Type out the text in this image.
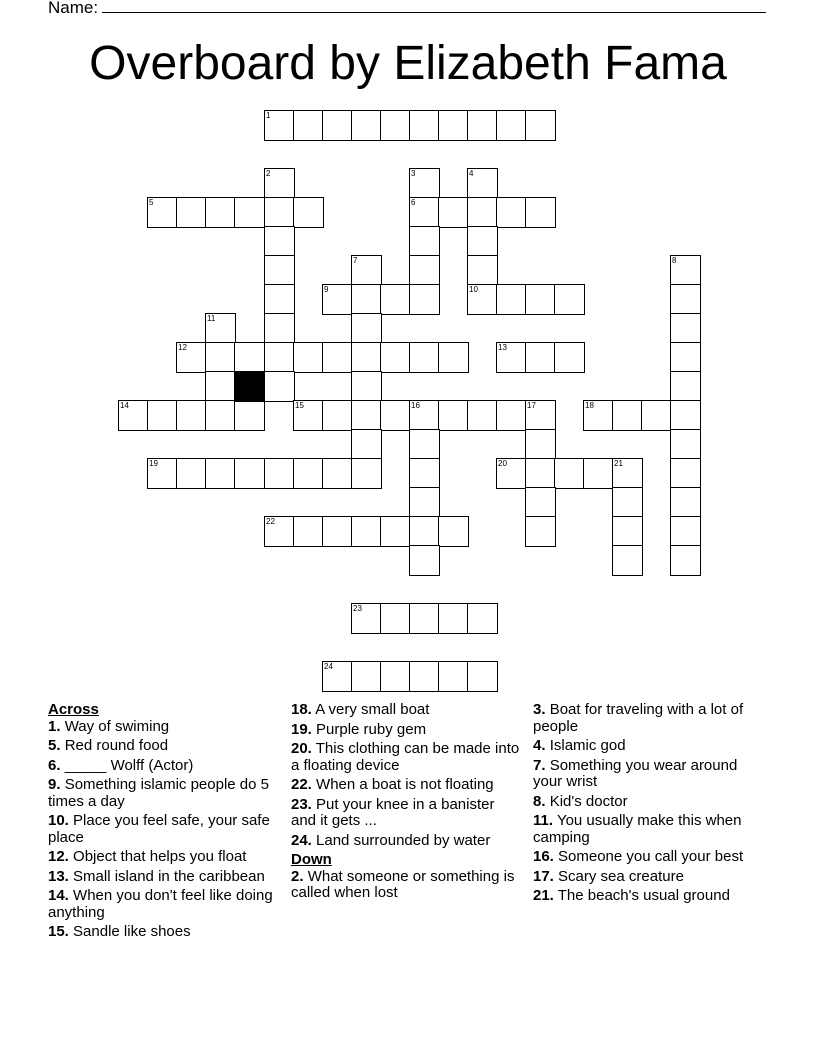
Name:
Overboard by Elizabeth Fama
1
2	3	4
5	6
7	8
9	10
11
12	13
14	15	16	17	18
19	20	21
22
23
24
Across
1. Way of swiming
5. Red round food
6. _____ Wolff (Actor)
9. Something islamic people do 5 times a day
10. Place you feel safe, your safe place
12. Object that helps you float
13. Small island in the caribbean
14. When you don't feel like doing anything
15. Sandle like shoes
18. A very small boat
19. Purple ruby gem
20. This clothing can be made into a floating device
22. When a boat is not floating
23. Put your knee in a banister and it gets ...
24. Land surrounded by water
Down
2. What someone or something is called when lost
3. Boat for traveling with a lot of people
4. Islamic god
7. Something you wear around your wrist
8. Kid's doctor
11. You usually make this when camping
16. Someone you call your best
17. Scary sea creature
21. The beach's usual ground
